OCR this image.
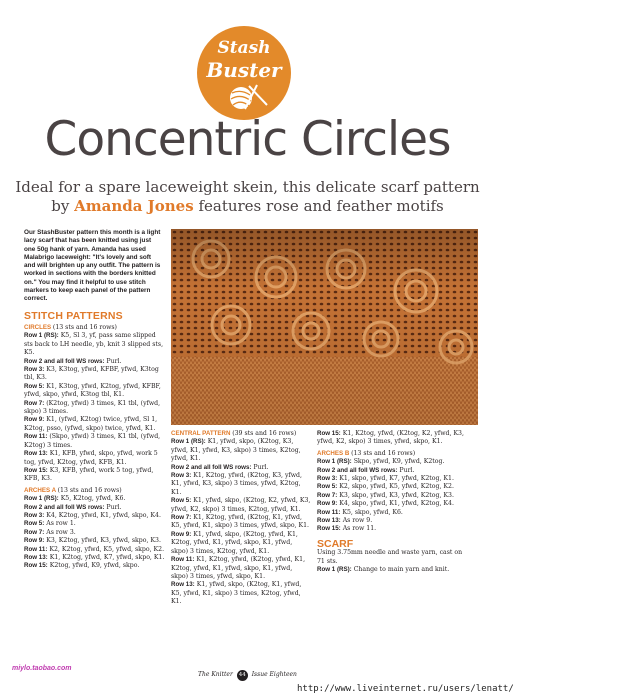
Stash
Buster
Concentric Circles
Ideal for a spare laceweight skein, this delicate scarf pattern
by Amanda Jones features rose and feather motifs
Our StashBuster pattern this month is a light lacy scarf that has been knitted using just one 50g hank of yarn. Amanda has used Malabrigo laceweight: "It's lovely and soft and will brighten up any outfit. The pattern is worked in sections with the borders knitted on." You may find it helpful to use stitch markers to keep each panel of the pattern correct.
STITCH PATTERNS
The concentric circle stitch pattern is both clever and unusual

CIRCLES (13 sts and 16 rows)

Row 1 (RS): K5, Sl 3, yf, pass same slipped sts back to LH needle, yb, knit 3 slipped sts, K5.

Row 2 and all foll WS rows: Purl.

Row 3: K3, K3tog, yfwd, KFBF, yfwd, K3tog tbl, K3.

Row 5: K1, K3tog, yfwd, K2tog, yfwd, KFBF, yfwd, skpo, yfwd, K3tog tbl, K1.

Row 7: (K2tog, yfwd) 3 times, K1 tbl, (yfwd, skpo) 3 times.

Row 9: K1, (yfwd, K2tog) twice, yfwd, Sl 1, K2tog, psso, (yfwd, skpo) twice, yfwd, K1.

Row 11: (Skpo, yfwd) 3 times, K1 tbl, (yfwd, K2tog) 3 times.

Row 13: K1, KFB, yfwd, skpo, yfwd, work 5 tog, yfwd, K2tog, yfwd, KFB, K1.

Row 15: K3, KFB, yfwd, work 5 tog, yfwd, KFB, K3.

ARCHES A (13 sts and 16 rows)

Row 1 (RS): K5, K2tog, yfwd, K6.

Row 2 and all foll WS rows: Purl.

Row 3: K4, K2tog, yfwd, K1, yfwd, skpo, K4.

Row 5: As row 1.

Row 7: As row 3.

Row 9: K3, K2tog, yfwd, K3, yfwd, skpo, K3.

Row 11: K2, K2tog, yfwd, K5, yfwd, skpo, K2.

Row 13: K1, K2tog, yfwd, K7, yfwd, skpo, K1.

Row 15: K2tog, yfwd, K9, yfwd, skpo.

CENTRAL PATTERN (39 sts and 16 rows)

Row 1 (RS): K1, yfwd, skpo, (K2tog, K3, yfwd, K1, yfwd, K3, skpo) 3 times, K2tog, yfwd, K1.

Row 2 and all foll WS rows: Purl.

Row 3: K1, K2tog, yfwd, (K2tog, K3, yfwd, K1, yfwd, K3, skpo) 3 times, yfwd, K2tog, K1.

Row 5: K1, yfwd, skpo, (K2tog, K2, yfwd, K3, yfwd, K2, skpo) 3 times, K2tog, yfwd, K1.

Row 7: K1, K2tog, yfwd, (K2tog, K1, yfwd, K5, yfwd, K1, skpo) 3 times, yfwd, skpo, K1.

Row 9: K1, yfwd, skpo, (K2tog, yfwd, K1, K2tog, yfwd, K1, yfwd, skpo, K1, yfwd, skpo) 3 times, K2tog, yfwd, K1.

Row 11: K1, K2tog, yfwd, (K2tog, yfwd, K1, K2tog, yfwd, K1, yfwd, skpo, K1, yfwd, skpo) 3 times, yfwd, skpo, K1.

Row 13: K1, yfwd, skpo, (K2tog, K1, yfwd, K5, yfwd, K1, skpo) 3 times, K2tog, yfwd, K1.

Row 15: K1, K2tog, yfwd, (K2tog, K2, yfwd, K3, yfwd, K2, skpo) 3 times, yfwd, skpo, K1.

ARCHES B (13 sts and 16 rows)

Row 1 (RS): Skpo, yfwd, K9, yfwd, K2tog.

Row 2 and all foll WS rows: Purl.

Row 3: K1, skpo, yfwd, K7, yfwd, K2tog, K1.

Row 5: K2, skpo, yfwd, K5, yfwd, K2tog, K2.

Row 7: K3, skpo, yfwd, K3, yfwd, K2tog, K3.

Row 9: K4, skpo, yfwd, K1, yfwd, K2tog, K4.

Row 11: K5, skpo, yfwd, K6.

Row 13: As row 9.

Row 15: As row 11.

SCARF

Using 3.75mm needle and waste yarn, cast on 71 sts.

Row 1 (RS): Change to main yarn and knit.

The Knitter 44 Issue Eighteen
miylo.taobao.com
http://www.liveinternet.ru/users/lenatt/
